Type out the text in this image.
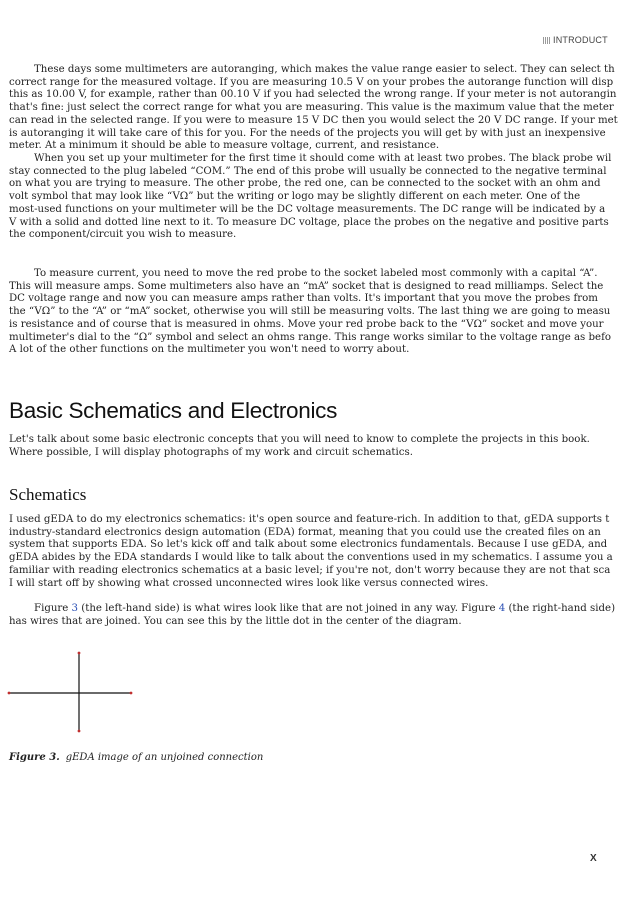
INTRODUCT

These days some multimeters are autoranging, which makes the value range easier to select. They can select th
correct range for the measured voltage. If you are measuring 10.5 V on your probes the autorange function will disp
this as 10.00 V, for example, rather than 00.10 V if you had selected the wrong range. If your meter is not autorangin
that's fine: just select the correct range for what you are measuring. This value is the maximum value that the meter
can read in the selected range. If you were to measure 15 V DC then you would select the 20 V DC range. If your met
is autoranging it will take care of this for you. For the needs of the projects you will get by with just an inexpensive
meter. At a minimum it should be able to measure voltage, current, and resistance.

When you set up your multimeter for the first time it should come with at least two probes. The black probe wil
stay connected to the plug labeled “COM.” The end of this probe will usually be connected to the negative terminal
on what you are trying to measure. The other probe, the red one, can be connected to the socket with an ohm and
volt symbol that may look like “VΩ” but the writing or logo may be slightly different on each meter. One of the
most-used functions on your multimeter will be the DC voltage measurements. The DC range will be indicated by a
V with a solid and dotted line next to it. To measure DC voltage, place the probes on the negative and positive parts
the component/circuit you wish to measure.

To measure current, you need to move the red probe to the socket labeled most commonly with a capital “A”.
This will measure amps. Some multimeters also have an “mA” socket that is designed to read milliamps. Select the
DC voltage range and now you can measure amps rather than volts. It's important that you move the probes from
the “VΩ” to the “A” or “mA” socket, otherwise you will still be measuring volts. The last thing we are going to measu
is resistance and of course that is measured in ohms. Move your red probe back to the “VΩ” socket and move your
multimeter's dial to the “Ω” symbol and select an ohms range. This range works similar to the voltage range as befo
A lot of the other functions on the multimeter you won't need to worry about.

Basic Schematics and Electronics

Let's talk about some basic electronic concepts that you will need to know to complete the projects in this book.
Where possible, I will display photographs of my work and circuit schematics.

Schematics

I used gEDA to do my electronics schematics: it's open source and feature-rich. In addition to that, gEDA supports t
industry-standard electronics design automation (EDA) format, meaning that you could use the created files on an
system that supports EDA. So let's kick off and talk about some electronics fundamentals. Because I use gEDA, and
gEDA abides by the EDA standards I would like to talk about the conventions used in my schematics. I assume you a
familiar with reading electronics schematics at a basic level; if you're not, don't worry because they are not that sca
I will start off by showing what crossed unconnected wires look like versus connected wires.

Figure 3 (the left-hand side) is what wires look like that are not joined in any way. Figure 4 (the right-hand side)
has wires that are joined. You can see this by the little dot in the center of the diagram.

Figure 3. gEDA image of an unjoined connection
X
